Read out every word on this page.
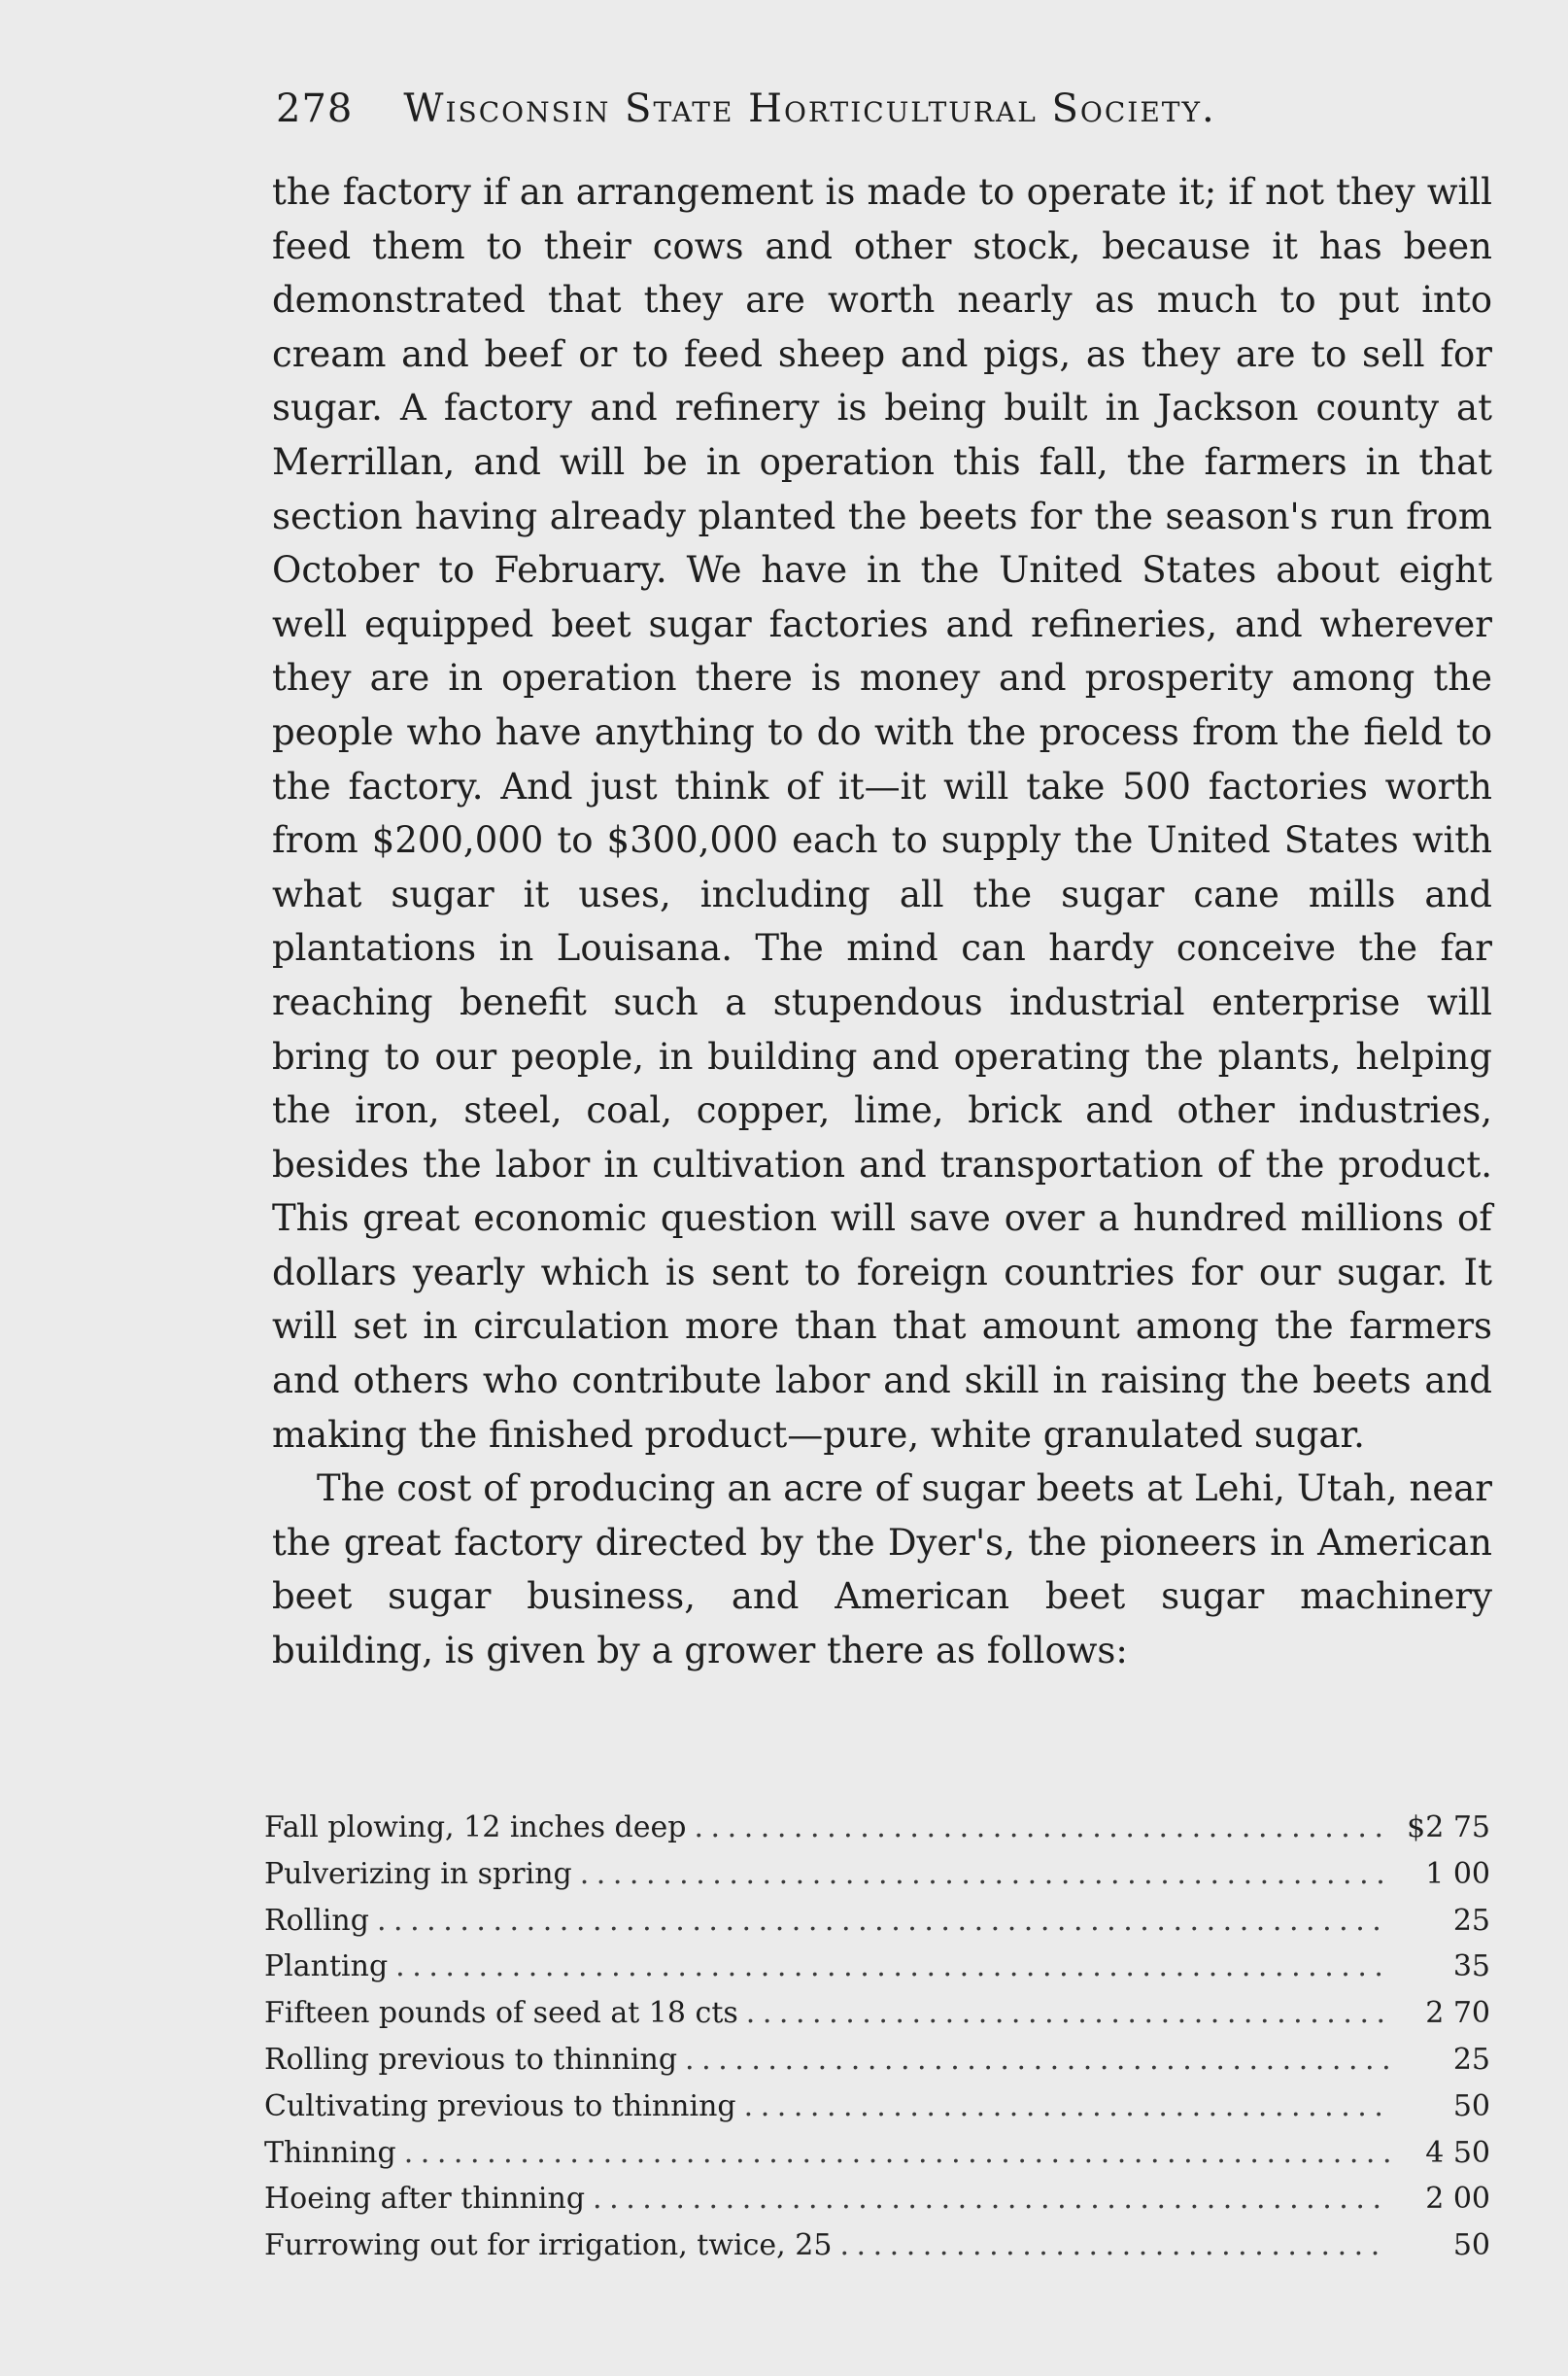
278 Wisconsin State Horticultural Society.

the factory if an arrangement is made to operate it; if not they will feed them to their cows and other stock, because it has been demonstrated that they are worth nearly as much to put into cream and beef or to feed sheep and pigs, as they are to sell for sugar. A factory and refinery is being built in Jackson county at Merrillan, and will be in operation this fall, the farmers in that section having already planted the beets for the season's run from October to February. We have in the United States about eight well equipped beet sugar factories and refineries, and wherever they are in operation there is money and prosperity among the people who have anything to do with the process from the field to the factory. And just think of it—it will take 500 factories worth from $200,000 to $300,000 each to supply the United States with what sugar it uses, including all the sugar cane mills and plantations in Louisana. The mind can hardy conceive the far reaching benefit such a stupendous industrial enterprise will bring to our people, in building and operating the plants, helping the iron, steel, coal, copper, lime, brick and other industries, besides the labor in cultivation and transportation of the product. This great economic question will save over a hundred millions of dollars yearly which is sent to foreign countries for our sugar. It will set in circulation more than that amount among the farmers and others who contribute labor and skill in raising the beets and making the finished product—pure, white granulated sugar.

The cost of producing an acre of sugar beets at Lehi, Utah, near the great factory directed by the Dyer's, the pioneers in American beet sugar business, and American beet sugar machinery building, is given by a grower there as follows:

Fall plowing, 12 inches deep . . .	$2 75
Pulverizing in spring . . .	1 00
Rolling . . .	25
Planting . . .	35
Fifteen pounds of seed at 18 cts . . .	2 70
Rolling previous to thinning . . .	25
Cultivating previous to thinning . . .	50
Thinning . . .	4 50
Hoeing after thinning . . .	2 00
Furrowing out for irrigation, twice, 25 . . .	50
